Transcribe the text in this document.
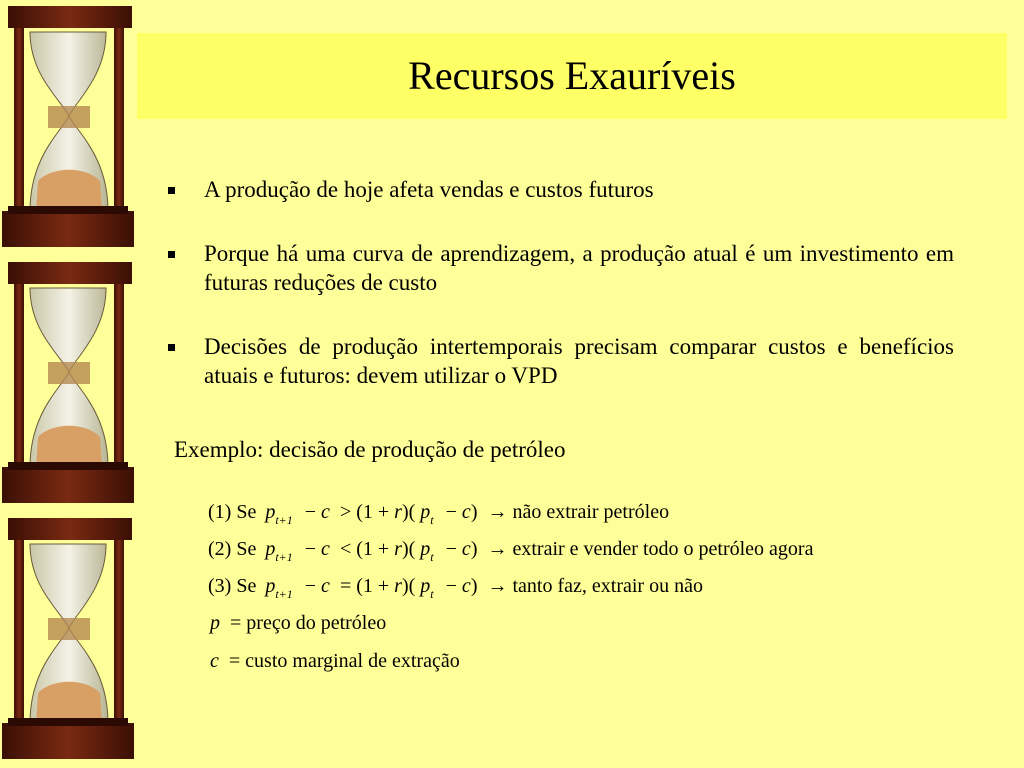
Recursos Exauríveis
A produção de hoje afeta vendas e custos futuros
Porque há uma curva de aprendizagem, a produção atual é um investimento em futuras reduções de custo
Decisões de produção intertemporais precisam comparar custos e benefícios atuais e futuros: devem utilizar o VPD
Exemplo: decisão de produção de petróleo
(1) Se $p_{t+1} - c > (1 + r)$( $p_t - c$) → não extrair petróleo
(2) Se $p_{t+1} - c < (1 + r)$( $p_t - c$) → extrair e vender todo o petróleo agora
(3) Se $p_{t+1} - c = (1 + r)$( $p_t - c$) → tanto faz, extrair ou não
p = preço do petróleo
c = custo marginal de extração
